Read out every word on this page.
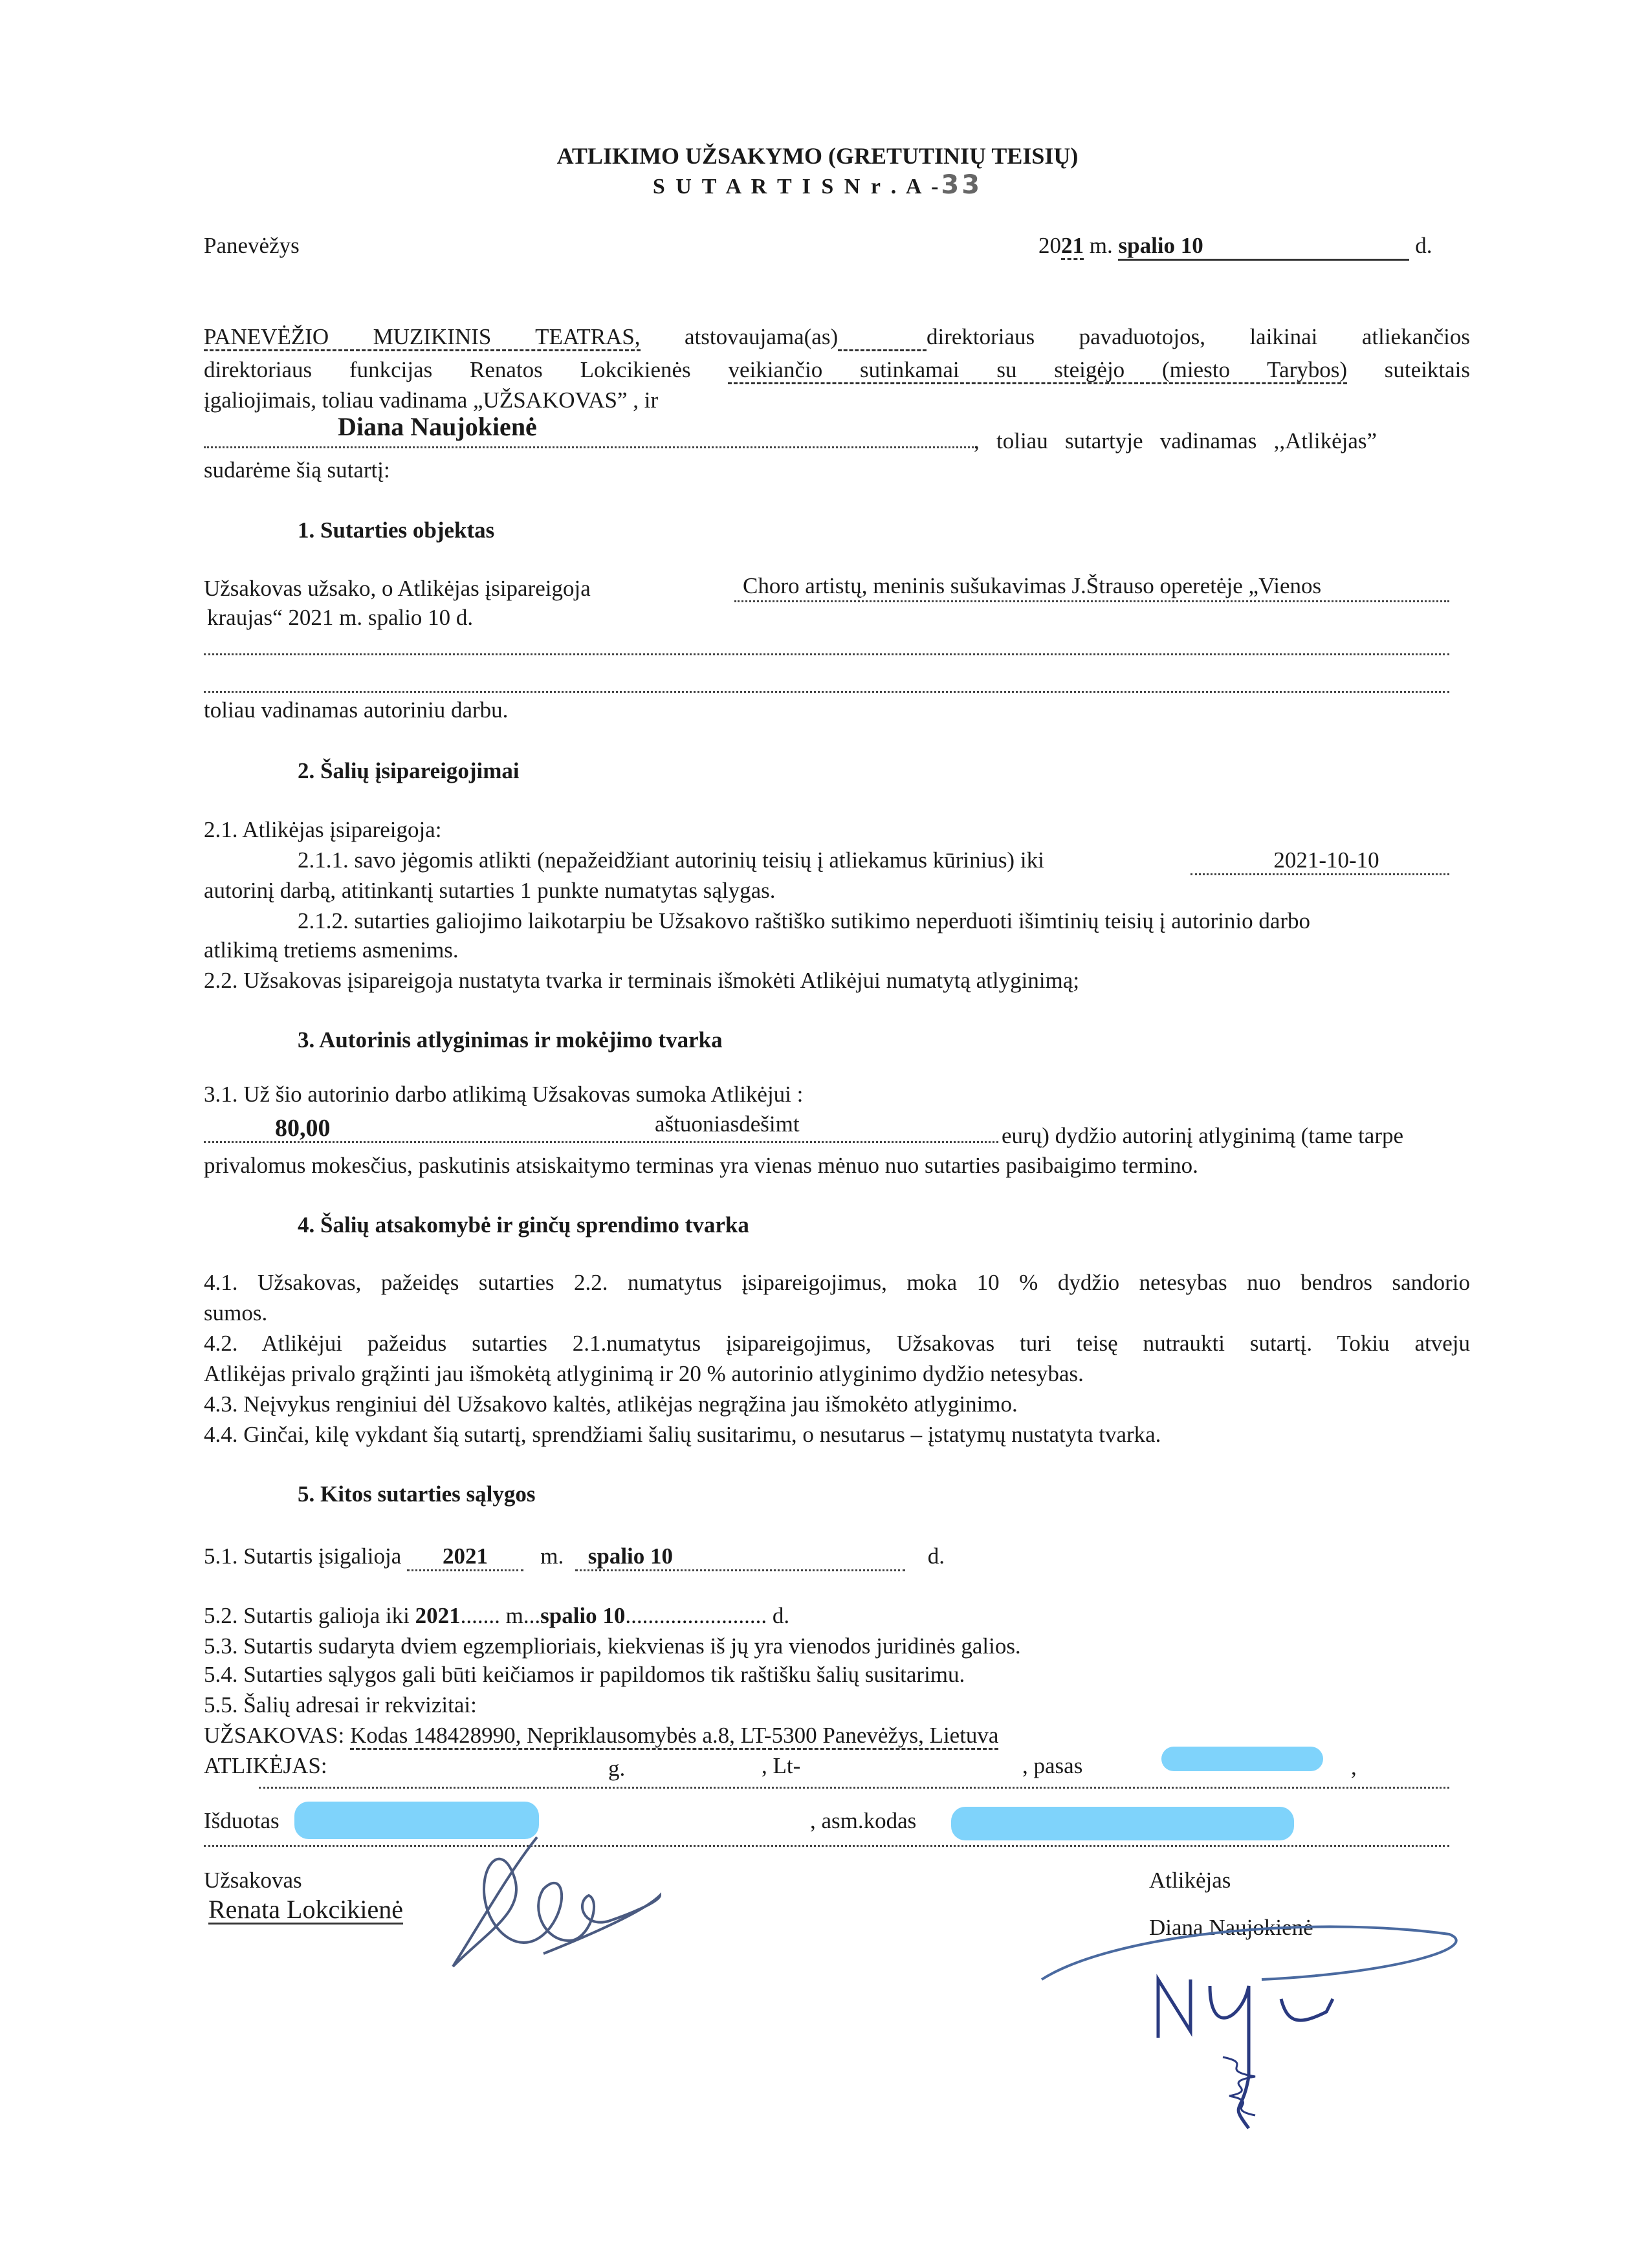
ATLIKIMO UŽSAKYMO (GRETUTINIŲ TEISIŲ)
S U T A R T I S N r . A -33
Panevėžys	2021 m. spalio 10	d.
PANEVĖŽIO MUZIKINIS TEATRAS, atstovaujama(as)	direktoriaus pavaduotojos, laikinai atliekančios
direktoriaus funkcijas Renatos Lokcikienės veikiančio sutinkamai su steigėjo (miesto Tarybos) suteiktais
įgaliojimais, toliau vadinama „UŽSAKOVAS” , ir
Diana Naujokienė	,   toliau   sutartyje   vadinamas   ,,Atlikėjas”
sudarėme šią sutartį:
1. Sutarties objektas
Užsakovas užsako, o Atlikėjas įsipareigoja	Choro artistų, meninis sušukavimas J.Štrauso operetėje „Vienos
kraujas“ 2021 m. spalio 10 d.
toliau vadinamas autoriniu darbu.
2. Šalių įsipareigojimai
2.1. Atlikėjas įsipareigoja:
2.1.1. savo jėgomis atlikti (nepažeidžiant autorinių teisių į atliekamus kūrinius) iki	2021-10-10
autorinį darbą, atitinkantį sutarties 1 punkte numatytas sąlygas.
2.1.2. sutarties galiojimo laikotarpiu be Užsakovo raštiško sutikimo neperduoti išimtinių teisių į autorinio darbo
atlikimą tretiems asmenims.
2.2. Užsakovas įsipareigoja nustatyta tvarka ir terminais išmokėti Atlikėjui numatytą atlyginimą;
3. Autorinis atlyginimas ir mokėjimo tvarka
3.1. Už šio autorinio darbo atlikimą Užsakovas sumoka Atlikėjui :
80,00	aštuoniasdešimt	eurų) dydžio autorinį atlyginimą (tame tarpe
privalomus mokesčius, paskutinis atsiskaitymo terminas yra vienas mėnuo nuo sutarties pasibaigimo termino.
4. Šalių atsakomybė ir ginčų sprendimo tvarka
4.1. Užsakovas, pažeidęs sutarties 2.2. numatytus įsipareigojimus, moka 10 % dydžio netesybas nuo bendros sandorio
sumos.
4.2. Atlikėjui pažeidus sutarties 2.1.numatytus įsipareigojimus, Užsakovas turi teisę nutraukti sutartį. Tokiu atveju
Atlikėjas privalo grąžinti jau išmokėtą atlyginimą ir 20 % autorinio atlyginimo dydžio netesybas.
4.3. Neįvykus renginiui dėl Užsakovo kaltės, atlikėjas negrąžina jau išmokėto atlyginimo.
4.4. Ginčai, kilę vykdant šią sutartį, sprendžiami šalių susitarimu, o nesutarus – įstatymų nustatyta tvarka.
5. Kitos sutarties sąlygos
5.1. Sutartis įsigalioja 2021 m. spalio 10	d.
5.2. Sutartis galioja iki 2021....... m...spalio 10......................... d.
5.3. Sutartis sudaryta dviem egzemplioriais, kiekvienas iš jų yra vienodos juridinės galios.
5.4. Sutarties sąlygos gali būti keičiamos ir papildomos tik raštišku šalių susitarimu.
5.5. Šalių adresai ir rekvizitai:
UŽSAKOVAS: Kodas 148428990, Nepriklausomybės a.8, LT-5300 Panevėžys, Lietuva
ATLIKĖJAS:	g.	, Lt-	, pasas	,
Išduotas	, asm.kodas
Užsakovas
Renata Lokcikienė
Atlikėjas
Diana Naujokienė
